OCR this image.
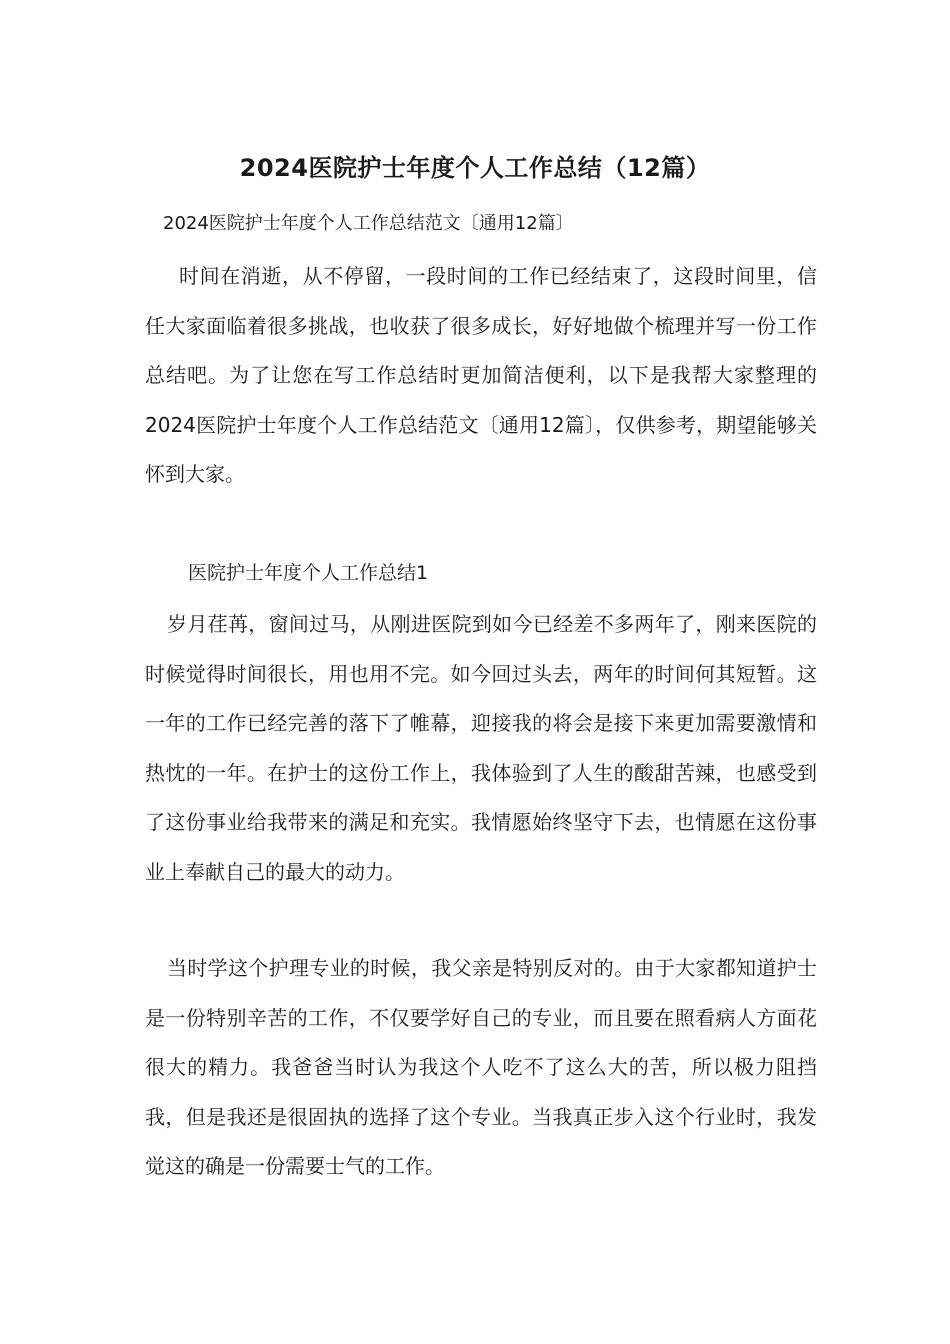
2024医院护士年度个人工作总结（12篇）
2024医院护士年度个人工作总结范文〔通用12篇〕
时间在消逝，从不停留，一段时间的工作已经结束了，这段时间里，信任大家面临着很多挑战，也收获了很多成长，好好地做个梳理并写一份工作总结吧。为了让您在写工作总结时更加简洁便利，以下是我帮大家整理的2024医院护士年度个人工作总结范文〔通用12篇〕，仅供参考，期望能够关怀到大家。
医院护士年度个人工作总结1
岁月荏苒，窗间过马，从刚进医院到如今已经差不多两年了，刚来医院的时候觉得时间很长，用也用不完。如今回过头去，两年的时间何其短暂。这一年的工作已经完善的落下了帷幕，迎接我的将会是接下来更加需要激情和热忱的一年。在护士的这份工作上，我体验到了人生的酸甜苦辣，也感受到了这份事业给我带来的满足和充实。我情愿始终坚守下去，也情愿在这份事业上奉献自己的最大的动力。
当时学这个护理专业的时候，我父亲是特别反对的。由于大家都知道护士是一份特别辛苦的工作，不仅要学好自己的专业，而且要在照看病人方面花很大的精力。我爸爸当时认为我这个人吃不了这么大的苦，所以极力阻挡我，但是我还是很固执的选择了这个专业。当我真正步入这个行业时，我发觉这的确是一份需要士气的工作。
